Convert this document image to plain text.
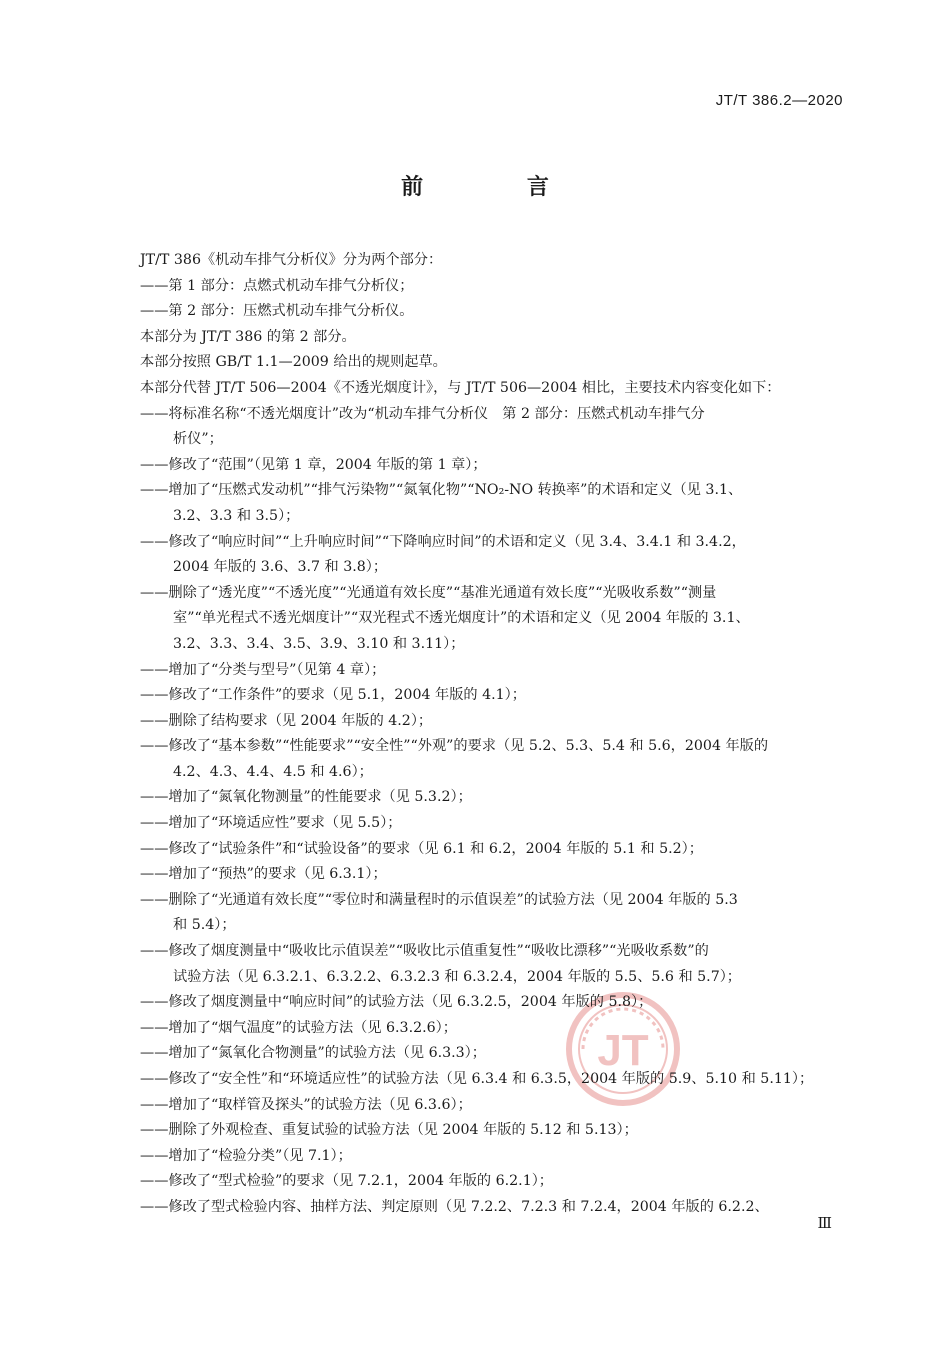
JT/T 386.2—2020
前 言
JT
JT/T 386《机动车排气分析仪》分为两个部分：
——第 1 部分：点燃式机动车排气分析仪；
——第 2 部分：压燃式机动车排气分析仪。
本部分为 JT/T 386 的第 2 部分。
本部分按照 GB/T 1.1—2009 给出的规则起草。
本部分代替 JT/T 506—2004《不透光烟度计》，与 JT/T 506—2004 相比，主要技术内容变化如下：
——将标准名称“不透光烟度计”改为“机动车排气分析仪　第 2 部分：压燃式机动车排气分
析仪”；
——修改了“范围”（见第 1 章，2004 年版的第 1 章）；
——增加了“压燃式发动机”“排气污染物”“氮氧化物”“NO₂-NO 转换率”的术语和定义（见 3.1、
3.2、3.3 和 3.5）；
——修改了“响应时间”“上升响应时间”“下降响应时间”的术语和定义（见 3.4、3.4.1 和 3.4.2，
2004 年版的 3.6、3.7 和 3.8）；
——删除了“透光度”“不透光度”“光通道有效长度”“基准光通道有效长度”“光吸收系数”“测量
室”“单光程式不透光烟度计”“双光程式不透光烟度计”的术语和定义（见 2004 年版的 3.1、
3.2、3.3、3.4、3.5、3.9、3.10 和 3.11）；
——增加了“分类与型号”（见第 4 章）；
——修改了“工作条件”的要求（见 5.1，2004 年版的 4.1）；
——删除了结构要求（见 2004 年版的 4.2）；
——修改了“基本参数”“性能要求”“安全性”“外观”的要求（见 5.2、5.3、5.4 和 5.6，2004 年版的
4.2、4.3、4.4、4.5 和 4.6）；
——增加了“氮氧化物测量”的性能要求（见 5.3.2）；
——增加了“环境适应性”要求（见 5.5）；
——修改了“试验条件”和“试验设备”的要求（见 6.1 和 6.2，2004 年版的 5.1 和 5.2）；
——增加了“预热”的要求（见 6.3.1）；
——删除了“光通道有效长度”“零位时和满量程时的示值误差”的试验方法（见 2004 年版的 5.3
和 5.4）；
——修改了烟度测量中“吸收比示值误差”“吸收比示值重复性”“吸收比漂移”“光吸收系数”的
试验方法（见 6.3.2.1、6.3.2.2、6.3.2.3 和 6.3.2.4，2004 年版的 5.5、5.6 和 5.7）；
——修改了烟度测量中“响应时间”的试验方法（见 6.3.2.5，2004 年版的 5.8）；
——增加了“烟气温度”的试验方法（见 6.3.2.6）；
——增加了“氮氧化合物测量”的试验方法（见 6.3.3）；
——修改了“安全性”和“环境适应性”的试验方法（见 6.3.4 和 6.3.5，2004 年版的 5.9、5.10 和 5.11）；
——增加了“取样管及探头”的试验方法（见 6.3.6）；
——删除了外观检查、重复试验的试验方法（见 2004 年版的 5.12 和 5.13）；
——增加了“检验分类”（见 7.1）；
——修改了“型式检验”的要求（见 7.2.1，2004 年版的 6.2.1）；
——修改了型式检验内容、抽样方法、判定原则（见 7.2.2、7.2.3 和 7.2.4，2004 年版的 6.2.2、
Ⅲ
